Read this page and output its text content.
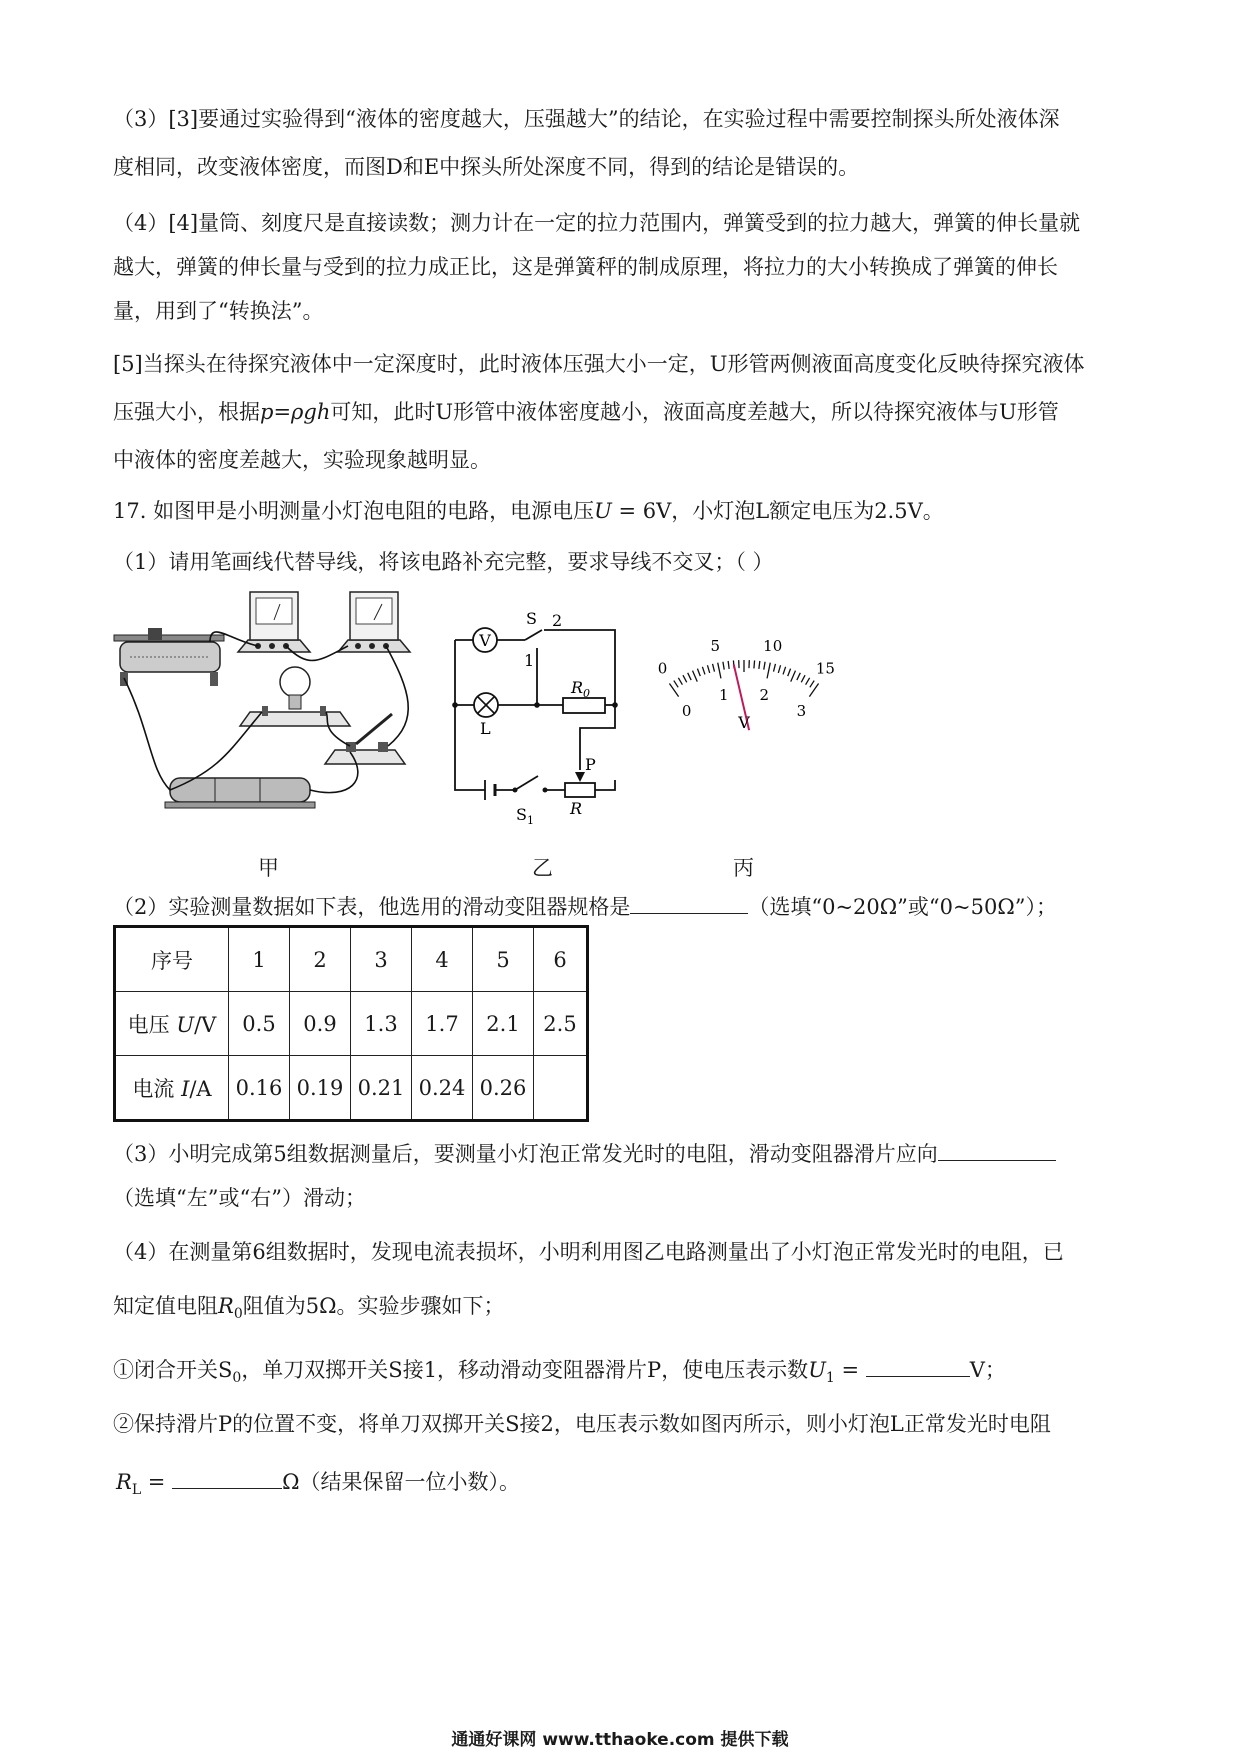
（3）[3]要通过实验得到“液体的密度越大，压强越大”的结论，在实验过程中需要控制探头所处液体深
度相同，改变液体密度，而图D和E中探头所处深度不同，得到的结论是错误的。
（4）[4]量筒、刻度尺是直接读数；测力计在一定的拉力范围内，弹簧受到的拉力越大，弹簧的伸长量就
越大，弹簧的伸长量与受到的拉力成正比，这是弹簧秤的制成原理，将拉力的大小转换成了弹簧的伸长
量，用到了“转换法”。
[5]当探头在待探究液体中一定深度时，此时液体压强大小一定，U形管两侧液面高度变化反映待探究液体
压强大小，根据p=ρgh可知，此时U形管中液体密度越小，液面高度差越大，所以待探究液体与U形管
中液体的密度差越大，实验现象越明显。
17. 如图甲是小明测量小灯泡电阻的电路，电源电压U = 6V，小灯泡L额定电压为2.5V。
（1）请用笔画线代替导线，将该电路补充完整，要求导线不交叉；（ ）
V
L
$R_0$
S 2
1
$S_1$
P
R
0
5	10
15
0
1 2
3
V
甲	乙	丙
（2）实验测量数据如下表，他选用的滑动变阻器规格是	（选填“0~20Ω”或“0~50Ω”）；
序号	1	2	3	4	5	6
电压 U/V	0.5	0.9	1.3	1.7	2.1	2.5
电流 I/A	0.16	0.19	0.21	0.24	0.26	
（3）小明完成第5组数据测量后，要测量小灯泡正常发光时的电阻，滑动变阻器滑片应向
（选填“左”或“右”）滑动；
（4）在测量第6组数据时，发现电流表损坏，小明利用图乙电路测量出了小灯泡正常发光时的电阻，已
知定值电阻$R_0$阻值为5Ω。实验步骤如下；
①闭合开关$S_0$，单刀双掷开关S接1，移动滑动变阻器滑片P，使电压表示数$U_1$ =	V；
②保持滑片P的位置不变，将单刀双掷开关S接2，电压表示数如图丙所示，则小灯泡L正常发光时电阻
$R_L$ =	Ω（结果保留一位小数）。
通通好课网 www.tthaoke.com 提供下载
